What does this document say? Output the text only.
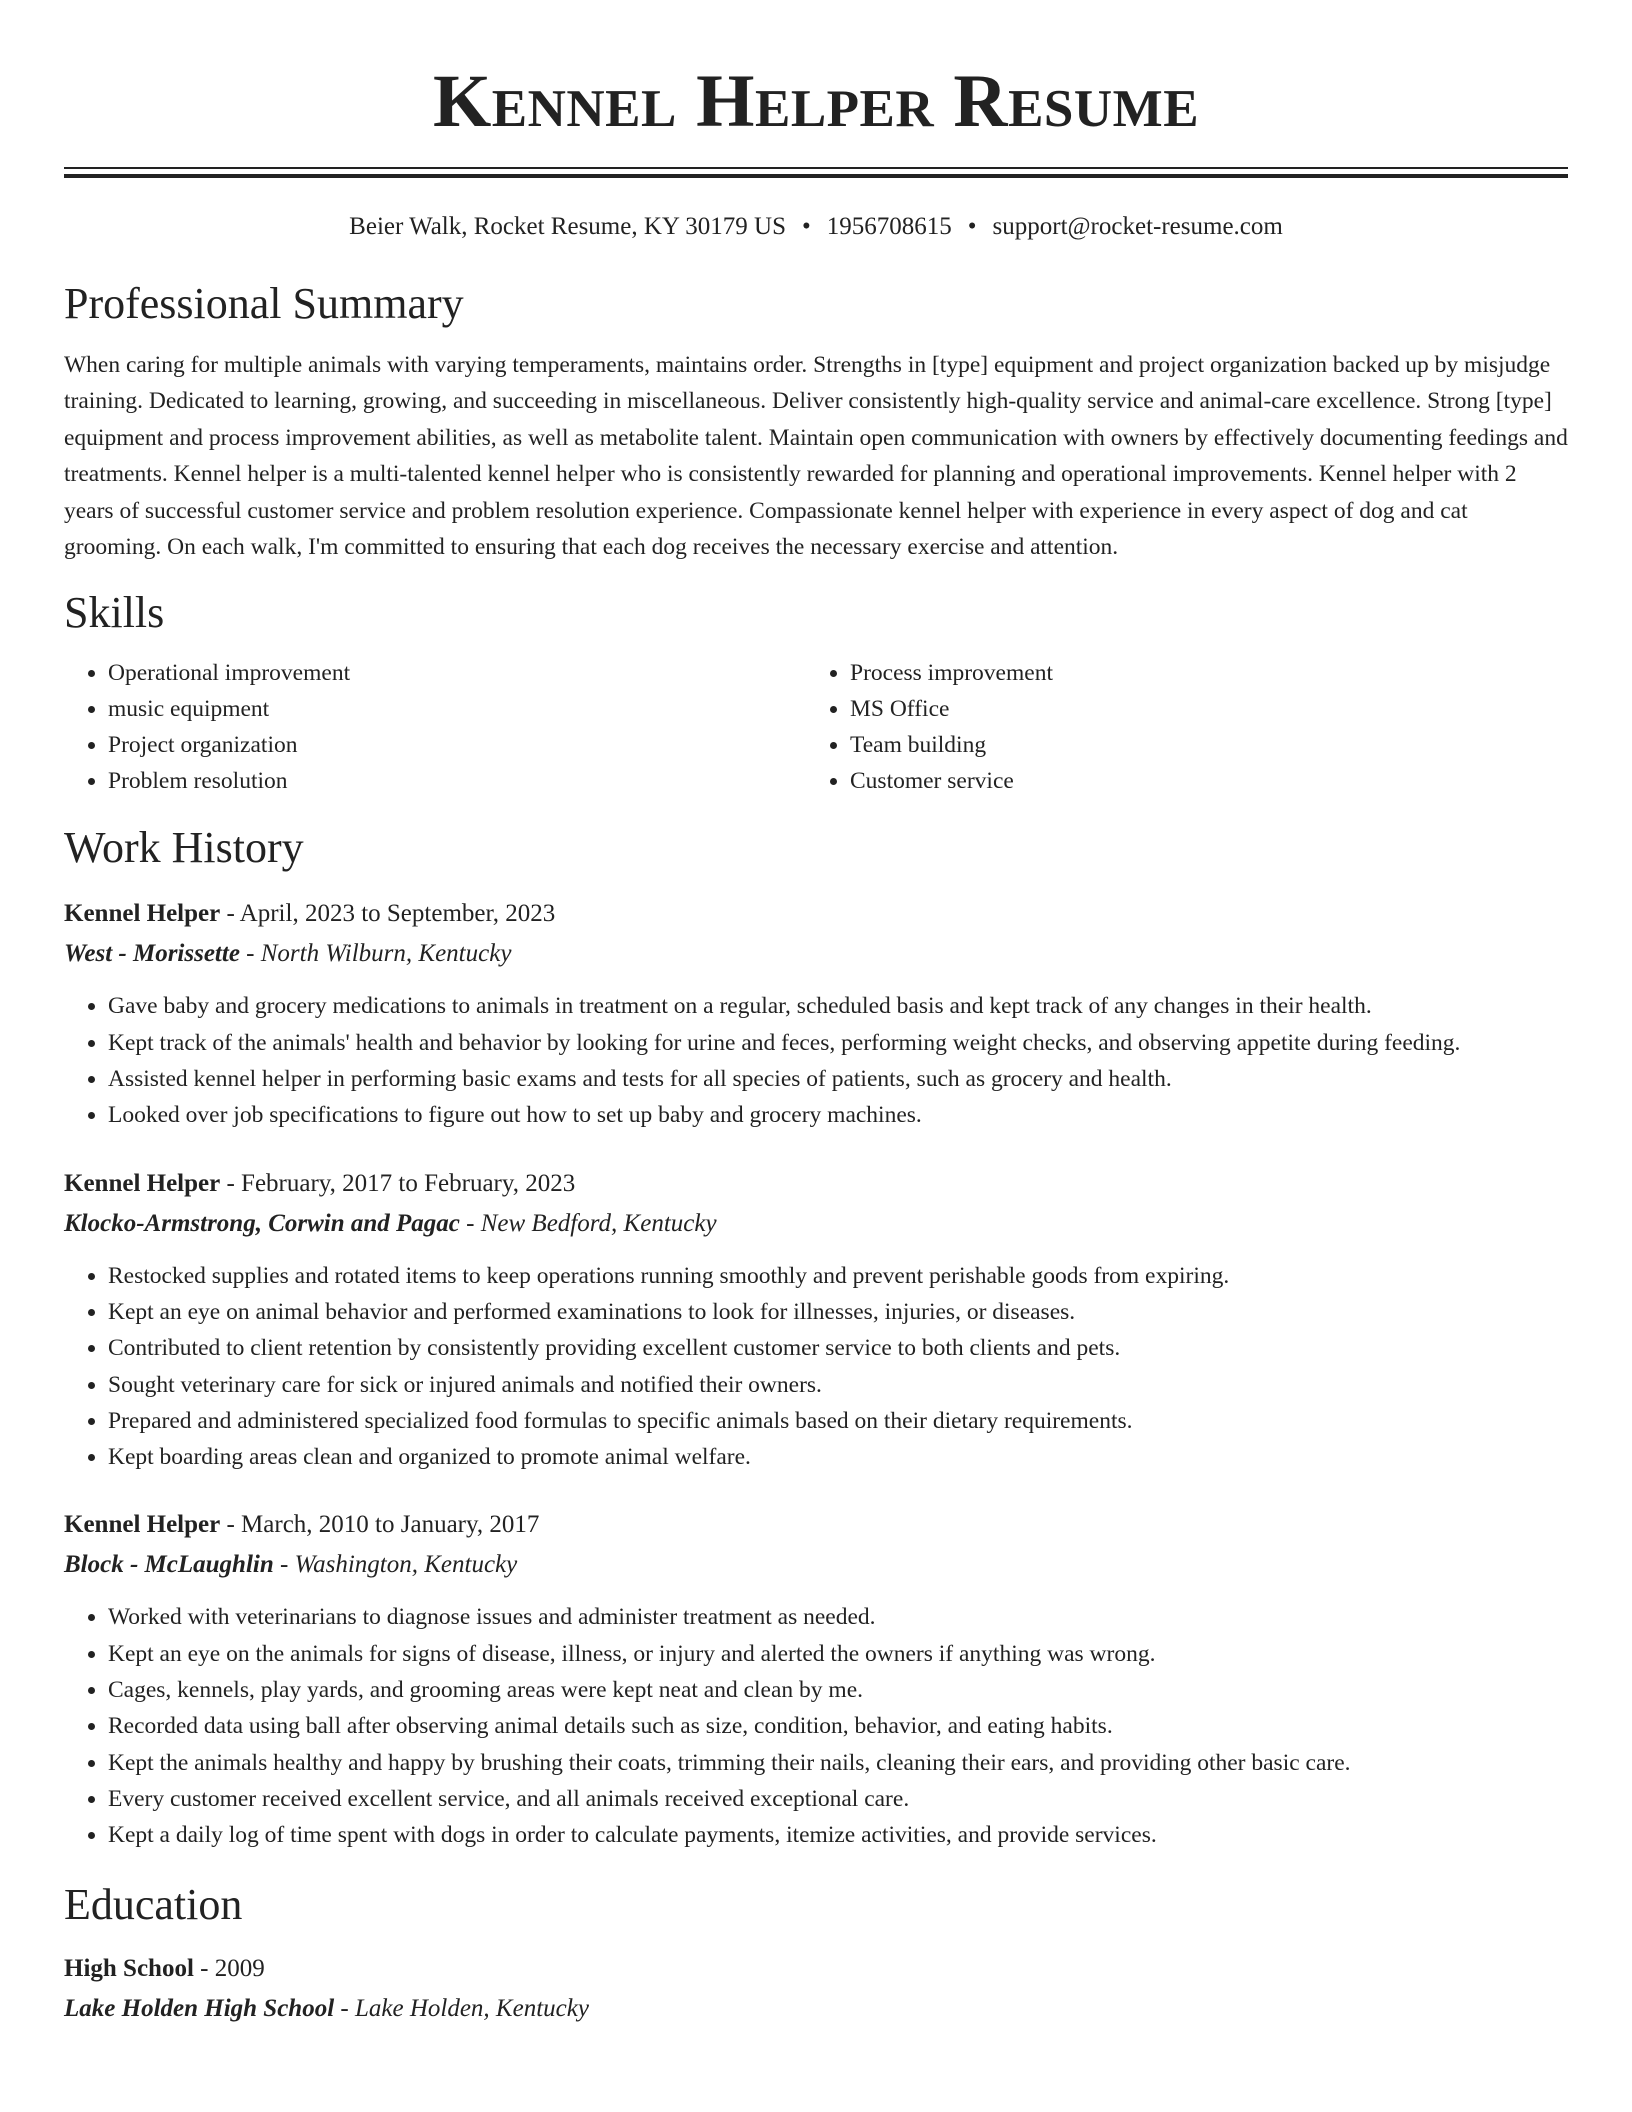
Kennel Helper Resume
Beier Walk, Rocket Resume, KY 30179 US • 1956708615 • support@rocket-resume.com
Professional Summary
When caring for multiple animals with varying temperaments, maintains order. Strengths in [type] equipment and project organization backed up by misjudge training. Dedicated to learning, growing, and succeeding in miscellaneous. Deliver consistently high-quality service and animal-care excellence. Strong [type] equipment and process improvement abilities, as well as metabolite talent. Maintain open communication with owners by effectively documenting feedings and treatments. Kennel helper is a multi-talented kennel helper who is consistently rewarded for planning and operational improvements. Kennel helper with 2 years of successful customer service and problem resolution experience. Compassionate kennel helper with experience in every aspect of dog and cat grooming. On each walk, I'm committed to ensuring that each dog receives the necessary exercise and attention.
Skills
• Operational improvement
• music equipment
• Project organization
• Problem resolution
• Process improvement
• MS Office
• Team building
• Customer service
Work History
Kennel Helper - April, 2023 to September, 2023
West - Morissette - North Wilburn, Kentucky
• Gave baby and grocery medications to animals in treatment on a regular, scheduled basis and kept track of any changes in their health.
• Kept track of the animals' health and behavior by looking for urine and feces, performing weight checks, and observing appetite during feeding.
• Assisted kennel helper in performing basic exams and tests for all species of patients, such as grocery and health.
• Looked over job specifications to figure out how to set up baby and grocery machines.
Kennel Helper - February, 2017 to February, 2023
Klocko-Armstrong, Corwin and Pagac - New Bedford, Kentucky
• Restocked supplies and rotated items to keep operations running smoothly and prevent perishable goods from expiring.
• Kept an eye on animal behavior and performed examinations to look for illnesses, injuries, or diseases.
• Contributed to client retention by consistently providing excellent customer service to both clients and pets.
• Sought veterinary care for sick or injured animals and notified their owners.
• Prepared and administered specialized food formulas to specific animals based on their dietary requirements.
• Kept boarding areas clean and organized to promote animal welfare.
Kennel Helper - March, 2010 to January, 2017
Block - McLaughlin - Washington, Kentucky
• Worked with veterinarians to diagnose issues and administer treatment as needed.
• Kept an eye on the animals for signs of disease, illness, or injury and alerted the owners if anything was wrong.
• Cages, kennels, play yards, and grooming areas were kept neat and clean by me.
• Recorded data using ball after observing animal details such as size, condition, behavior, and eating habits.
• Kept the animals healthy and happy by brushing their coats, trimming their nails, cleaning their ears, and providing other basic care.
• Every customer received excellent service, and all animals received exceptional care.
• Kept a daily log of time spent with dogs in order to calculate payments, itemize activities, and provide services.
Education
High School - 2009
Lake Holden High School - Lake Holden, Kentucky
